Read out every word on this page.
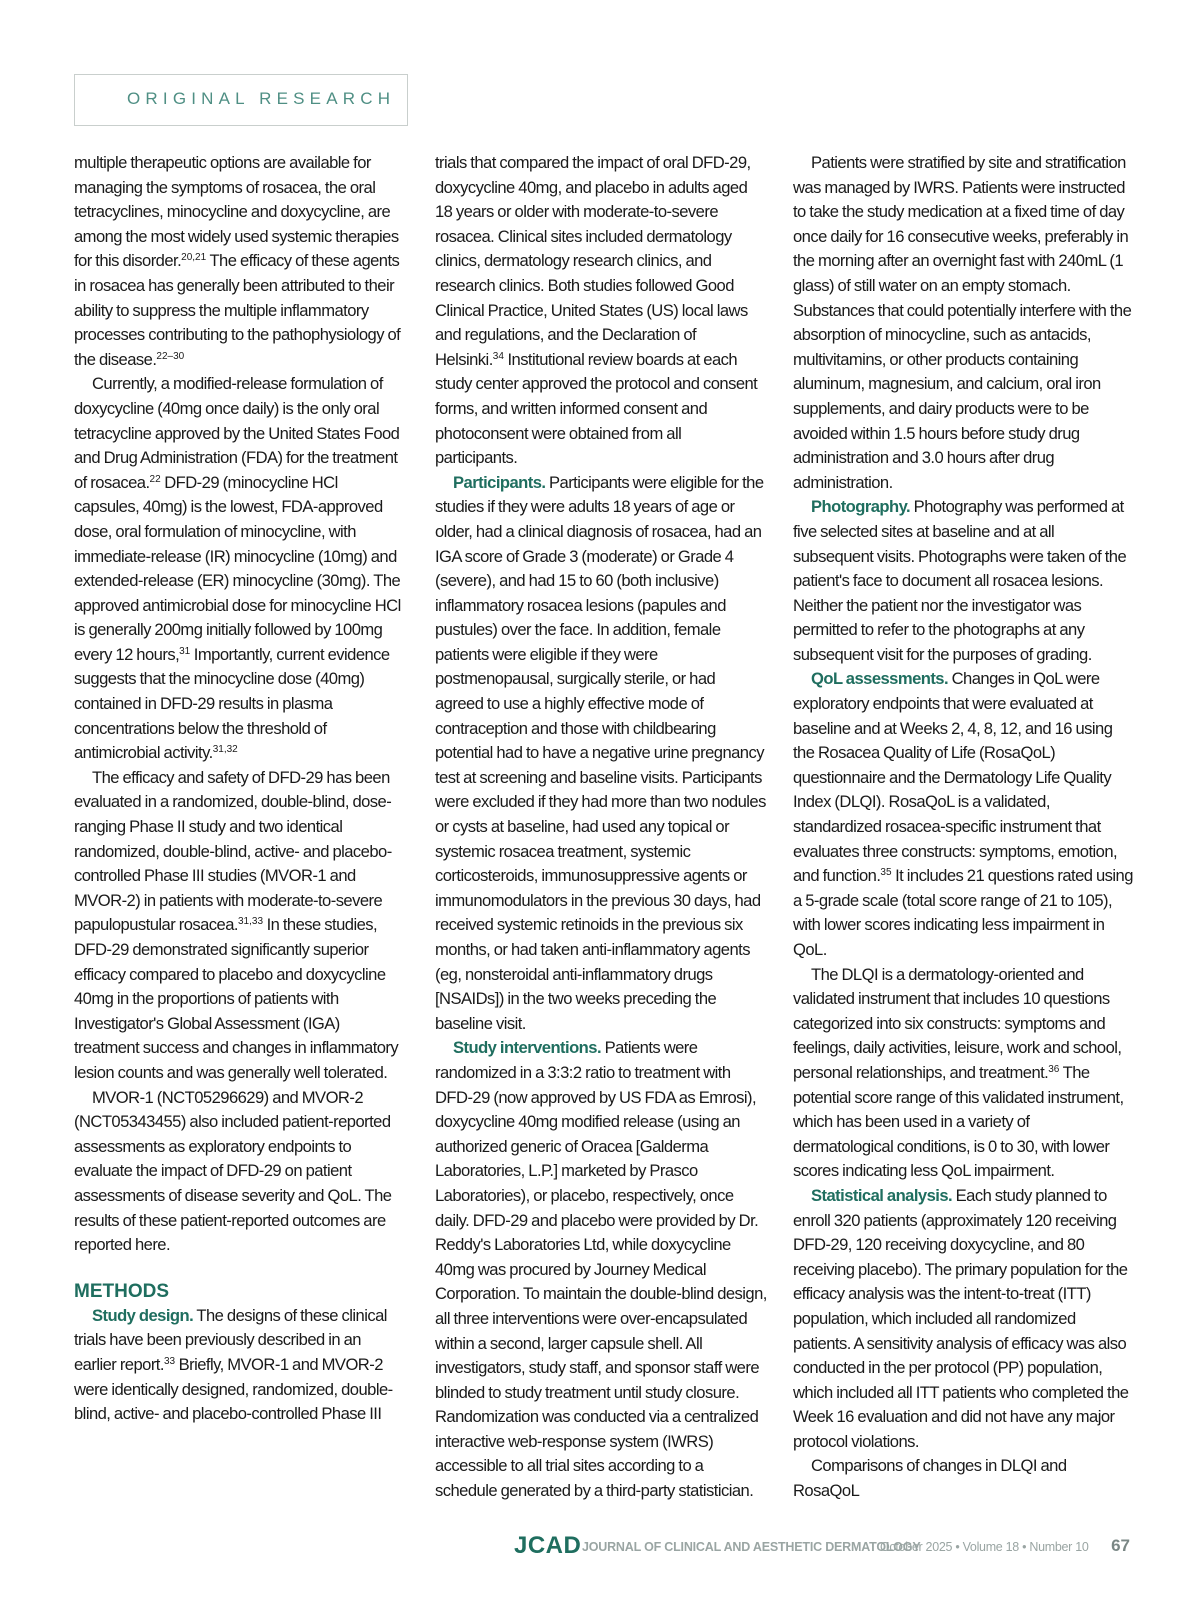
ORIGINAL RESEARCH

multiple therapeutic options are available for managing the symptoms of rosacea, the oral tetracyclines, minocycline and doxycycline, are among the most widely used systemic therapies for this disorder.$^{20,21}$ The efficacy of these agents in rosacea has generally been attributed to their ability to suppress the multiple inflammatory processes contributing to the pathophysiology of the disease.$^{22-30}$

Currently, a modified-release formulation of doxycycline (40mg once daily) is the only oral tetracycline approved by the United States Food and Drug Administration (FDA) for the treatment of rosacea.$^{22}$ DFD-29 (minocycline HCl capsules, 40mg) is the lowest, FDA-approved dose, oral formulation of minocycline, with immediate-release (IR) minocycline (10mg) and extended-release (ER) minocycline (30mg). The approved antimicrobial dose for minocycline HCl is generally 200mg initially followed by 100mg every 12 hours,$^{31}$ Importantly, current evidence suggests that the minocycline dose (40mg) contained in DFD-29 results in plasma concentrations below the threshold of antimicrobial activity.$^{31,32}$

The efficacy and safety of DFD-29 has been evaluated in a randomized, double-blind, dose-ranging Phase II study and two identical randomized, double-blind, active- and placebo-controlled Phase III studies (MVOR-1 and MVOR-2) in patients with moderate-to-severe papulopustular rosacea.$^{31,33}$ In these studies, DFD-29 demonstrated significantly superior efficacy compared to placebo and doxycycline 40mg in the proportions of patients with Investigator's Global Assessment (IGA) treatment success and changes in inflammatory lesion counts and was generally well tolerated.

MVOR-1 (NCT05296629) and MVOR-2 (NCT05343455) also included patient-reported assessments as exploratory endpoints to evaluate the impact of DFD-29 on patient assessments of disease severity and QoL. The results of these patient-reported outcomes are reported here.

METHODS

Study design. The designs of these clinical trials have been previously described in an earlier report.$^{33}$ Briefly, MVOR-1 and MVOR-2 were identically designed, randomized, double-blind, active- and placebo-controlled Phase III

trials that compared the impact of oral DFD-29, doxycycline 40mg, and placebo in adults aged 18 years or older with moderate-to-severe rosacea. Clinical sites included dermatology clinics, dermatology research clinics, and research clinics. Both studies followed Good Clinical Practice, United States (US) local laws and regulations, and the Declaration of Helsinki.$^{34}$ Institutional review boards at each study center approved the protocol and consent forms, and written informed consent and photoconsent were obtained from all participants.

Participants. Participants were eligible for the studies if they were adults 18 years of age or older, had a clinical diagnosis of rosacea, had an IGA score of Grade 3 (moderate) or Grade 4 (severe), and had 15 to 60 (both inclusive) inflammatory rosacea lesions (papules and pustules) over the face. In addition, female patients were eligible if they were postmenopausal, surgically sterile, or had agreed to use a highly effective mode of contraception and those with childbearing potential had to have a negative urine pregnancy test at screening and baseline visits. Participants were excluded if they had more than two nodules or cysts at baseline, had used any topical or systemic rosacea treatment, systemic corticosteroids, immunosuppressive agents or immunomodulators in the previous 30 days, had received systemic retinoids in the previous six months, or had taken anti-inflammatory agents (eg, nonsteroidal anti-inflammatory drugs [NSAIDs]) in the two weeks preceding the baseline visit.

Study interventions. Patients were randomized in a 3:3:2 ratio to treatment with DFD-29 (now approved by US FDA as Emrosi), doxycycline 40mg modified release (using an authorized generic of Oracea [Galderma Laboratories, L.P.] marketed by Prasco Laboratories), or placebo, respectively, once daily. DFD-29 and placebo were provided by Dr. Reddy's Laboratories Ltd, while doxycycline 40mg was procured by Journey Medical Corporation. To maintain the double-blind design, all three interventions were over-encapsulated within a second, larger capsule shell. All investigators, study staff, and sponsor staff were blinded to study treatment until study closure. Randomization was conducted via a centralized interactive web-response system (IWRS) accessible to all trial sites according to a schedule generated by a third-party statistician.

Patients were stratified by site and stratification was managed by IWRS. Patients were instructed to take the study medication at a fixed time of day once daily for 16 consecutive weeks, preferably in the morning after an overnight fast with 240mL (1 glass) of still water on an empty stomach. Substances that could potentially interfere with the absorption of minocycline, such as antacids, multivitamins, or other products containing aluminum, magnesium, and calcium, oral iron supplements, and dairy products were to be avoided within 1.5 hours before study drug administration and 3.0 hours after drug administration.

Photography. Photography was performed at five selected sites at baseline and at all subsequent visits. Photographs were taken of the patient's face to document all rosacea lesions. Neither the patient nor the investigator was permitted to refer to the photographs at any subsequent visit for the purposes of grading.

QoL assessments. Changes in QoL were exploratory endpoints that were evaluated at baseline and at Weeks 2, 4, 8, 12, and 16 using the Rosacea Quality of Life (RosaQoL) questionnaire and the Dermatology Life Quality Index (DLQI). RosaQoL is a validated, standardized rosacea-specific instrument that evaluates three constructs: symptoms, emotion, and function.$^{35}$ It includes 21 questions rated using a 5-grade scale (total score range of 21 to 105), with lower scores indicating less impairment in QoL.

The DLQI is a dermatology-oriented and validated instrument that includes 10 questions categorized into six constructs: symptoms and feelings, daily activities, leisure, work and school, personal relationships, and treatment.$^{36}$ The potential score range of this validated instrument, which has been used in a variety of dermatological conditions, is 0 to 30, with lower scores indicating less QoL impairment.

Statistical analysis. Each study planned to enroll 320 patients (approximately 120 receiving DFD-29, 120 receiving doxycycline, and 80 receiving placebo). The primary population for the efficacy analysis was the intent-to-treat (ITT) population, which included all randomized patients. A sensitivity analysis of efficacy was also conducted in the per protocol (PP) population, which included all ITT patients who completed the Week 16 evaluation and did not have any major protocol violations.

Comparisons of changes in DLQI and RosaQoL

JCAD JOURNAL OF CLINICAL AND AESTHETIC DERMATOLOGY
October 2025 • Volume 18 • Number 10 67
